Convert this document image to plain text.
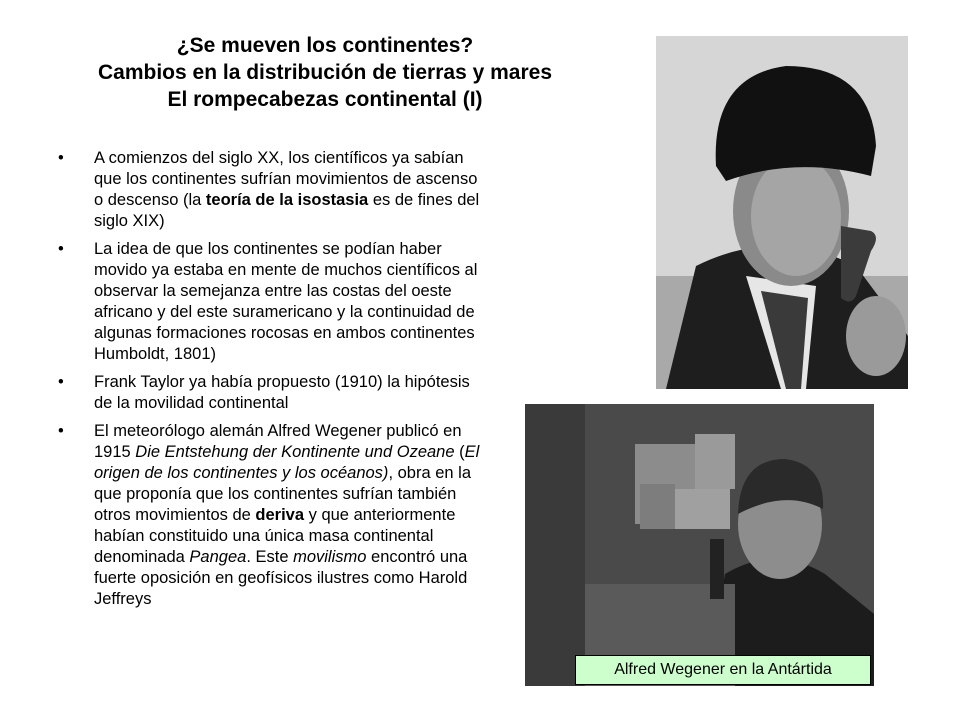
¿Se mueven los continentes?
Cambios en la distribución de tierras y mares
El rompecabezas continental (I)
•	A comienzos del siglo XX, los científicos ya sabían que los continentes sufrían movimientos de ascenso o descenso (la teoría de la isostasia es de fines del siglo XIX)
•	La idea de que los continentes se podían haber movido ya estaba en mente de muchos científicos al observar la semejanza entre las costas del oeste africano y del este suramericano y la continuidad de algunas formaciones rocosas en ambos continentes Humboldt, 1801)
•	Frank Taylor ya había propuesto (1910) la hipótesis de la movilidad continental
•	El meteorólogo alemán Alfred Wegener publicó en 1915 Die Entstehung der Kontinente und Ozeane (El origen de los continentes y los océanos), obra en la que proponía que los continentes sufrían también otros movimientos de deriva y que anteriormente habían constituido una única masa continental denominada Pangea. Este movilismo encontró una fuerte oposición en geofísicos ilustres como Harold Jeffreys
Alfred Wegener en la Antártida
